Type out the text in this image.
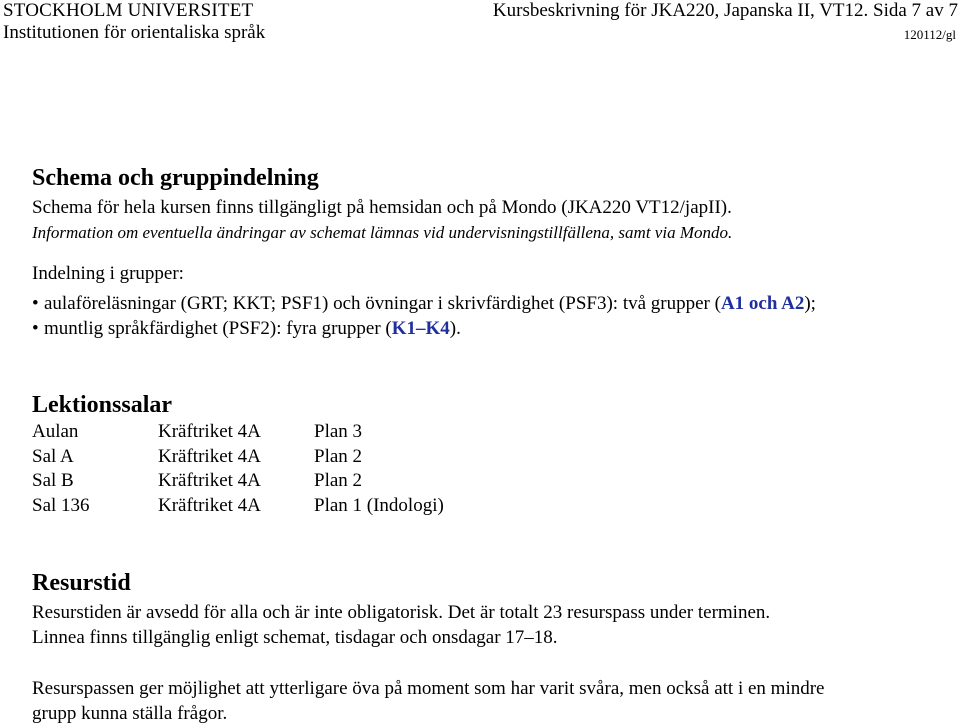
STOCKHOLM UNIVERSITET
Institutionen för orientaliska språk
Kursbeskrivning för JKA220, Japanska II, VT12. Sida 7 av 7
120112/gl
Schema och gruppindelning
Schema för hela kursen finns tillgängligt på hemsidan och på Mondo (JKA220 VT12/japII).
Information om eventuella ändringar av schemat lämnas vid undervisningstillfällena, samt via Mondo.
Indelning i grupper:
• aulaföreläsningar (GRT; KKT; PSF1) och övningar i skrivfärdighet (PSF3): två grupper (A1 och A2);
• muntlig språkfärdighet (PSF2): fyra grupper (K1–K4).
Lektionssalar
Aulan	Kräftriket 4A	Plan 3
Sal A	Kräftriket 4A	Plan 2
Sal B	Kräftriket 4A	Plan 2
Sal 136	Kräftriket 4A	Plan 1 (Indologi)
Resurstid
Resurstiden är avsedd för alla och är inte obligatorisk. Det är totalt 23 resurspass under terminen.
Linnea finns tillgänglig enligt schemat, tisdagar och onsdagar 17–18.
Resurspassen ger möjlighet att ytterligare öva på moment som har varit svåra, men också att i en mindre
grupp kunna ställa frågor.
